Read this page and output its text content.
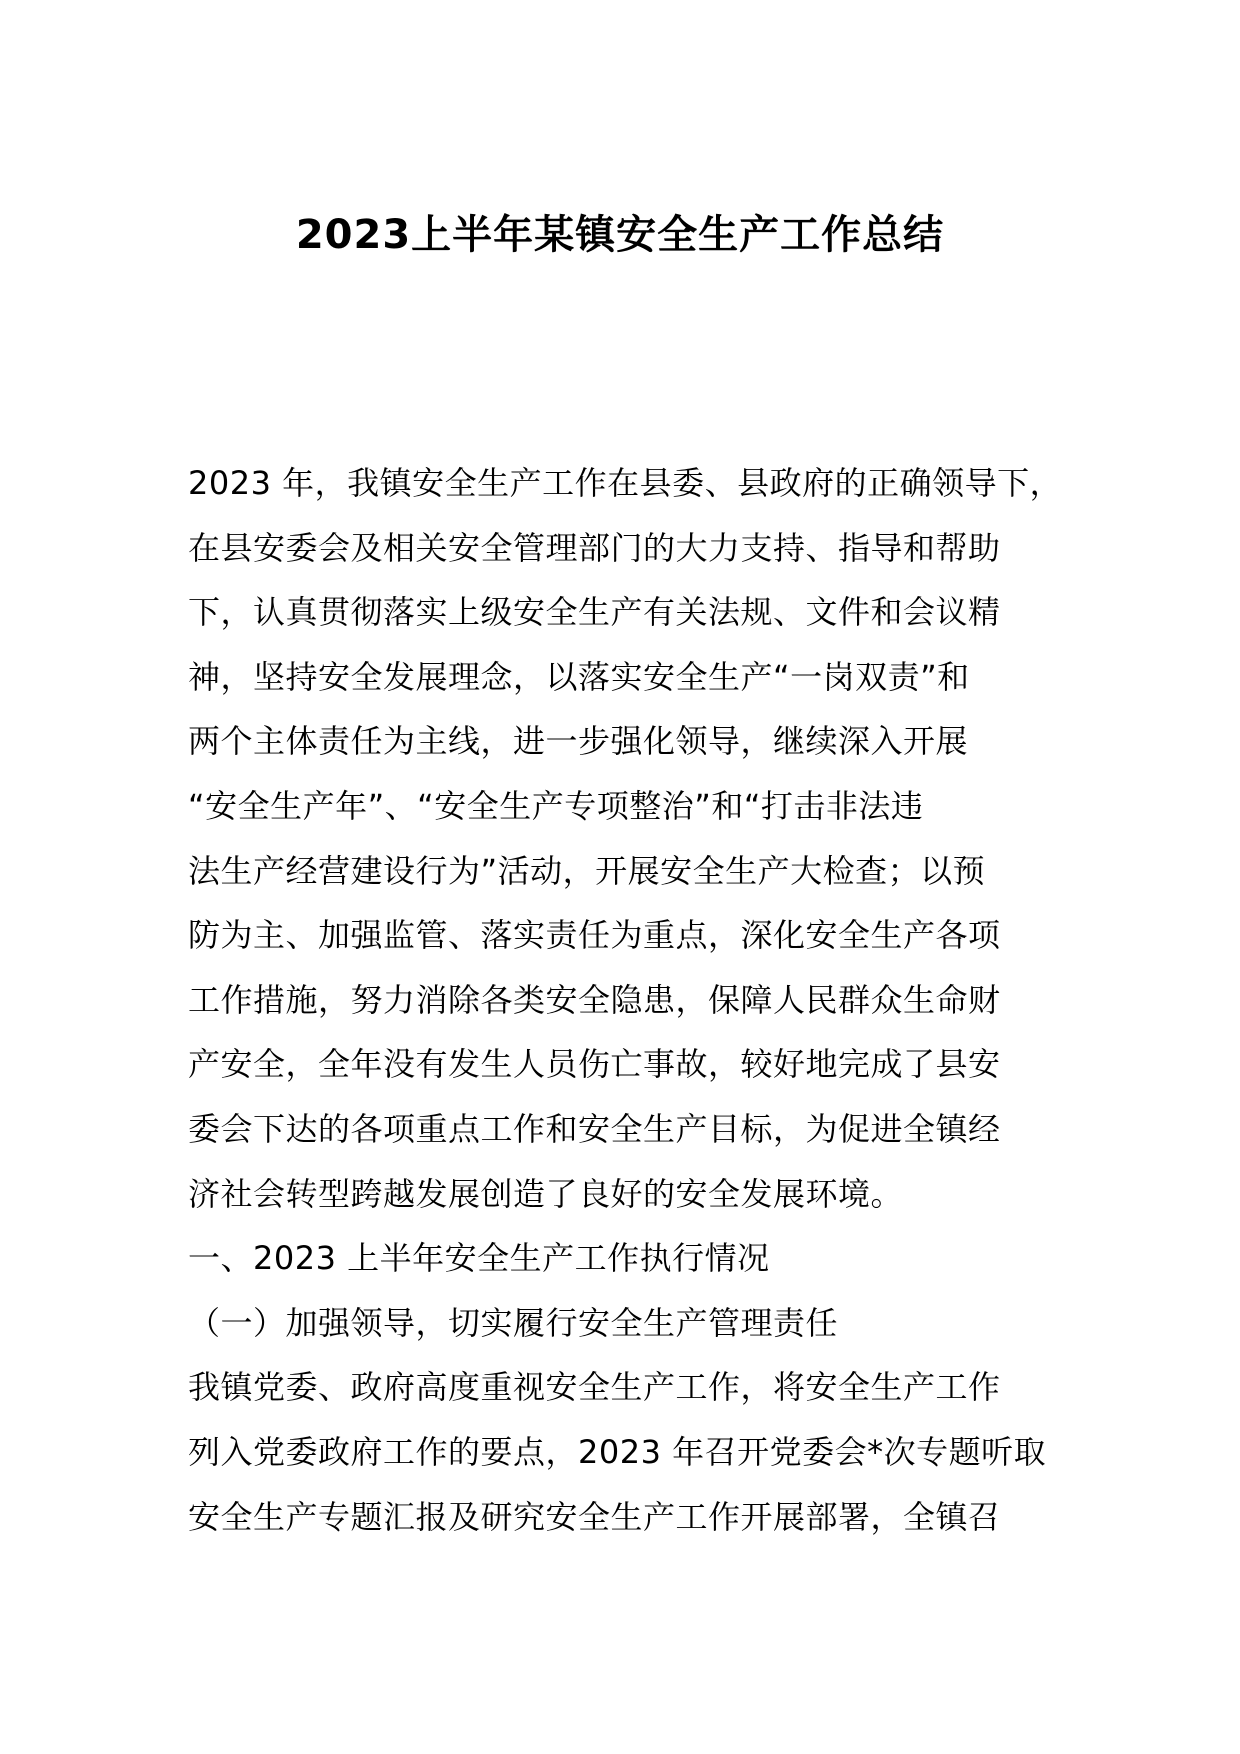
2023上半年某镇安全生产工作总结
2023 年，我镇安全生产工作在县委、县政府的正确领导下，
在县安委会及相关安全管理部门的大力支持、指导和帮助
下，认真贯彻落实上级安全生产有关法规、文件和会议精
神，坚持安全发展理念，以落实安全生产“一岗双责”和
两个主体责任为主线，进一步强化领导，继续深入开展
“安全生产年”、“安全生产专项整治”和“打击非法违
法生产经营建设行为”活动，开展安全生产大检查；以预
防为主、加强监管、落实责任为重点，深化安全生产各项
工作措施，努力消除各类安全隐患，保障人民群众生命财
产安全，全年没有发生人员伤亡事故，较好地完成了县安
委会下达的各项重点工作和安全生产目标，为促进全镇经
济社会转型跨越发展创造了良好的安全发展环境。
一、2023 上半年安全生产工作执行情况
（一）加强领导，切实履行安全生产管理责任
我镇党委、政府高度重视安全生产工作，将安全生产工作
列入党委政府工作的要点，2023 年召开党委会*次专题听取
安全生产专题汇报及研究安全生产工作开展部署，全镇召
